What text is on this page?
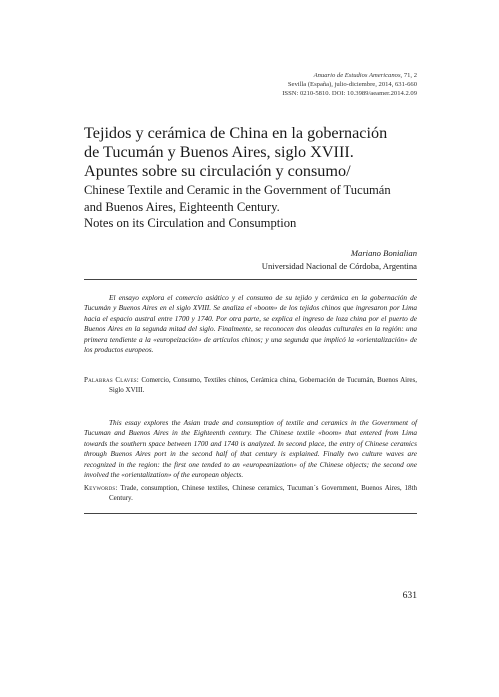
Anuario de Estudios Americanos, 71, 2
Sevilla (España), julio-diciembre, 2014, 631-660
ISSN: 0210-5810. DOI: 10.3989/aeamer.2014.2.09
Tejidos y cerámica de China en la gobernación
de Tucumán y Buenos Aires, siglo XVIII.
Apuntes sobre su circulación y consumo/
Chinese Textile and Ceramic in the Government of Tucumán
and Buenos Aires, Eighteenth Century.
Notes on its Circulation and Consumption
Mariano Bonialian
Universidad Nacional de Córdoba, Argentina

El ensayo explora el comercio asiático y el consumo de su tejido y cerámica en la gobernación de Tucumán y Buenos Aires en el siglo XVIII. Se analiza el «boom» de los tejidos chinos que ingresaron por Lima hacia el espacio austral entre 1700 y 1740. Por otra parte, se explica el ingreso de loza china por el puerto de Buenos Aires en la segunda mitad del siglo. Finalmente, se reconocen dos oleadas culturales en la región: una primera tendiente a la «europeización» de artículos chinos; y una segunda que implicó la «orientalización» de los productos europeos.

Palabras Claves: Comercio, Consumo, Textiles chinos, Cerámica china, Gobernación de Tucumán, Buenos Aires, Siglo XVIII.

This essay explores the Asian trade and consumption of textile and ceramics in the Government of Tucuman and Buenos Aires in the Eighteenth century. The Chinese textile «boom» that entered from Lima towards the southern space between 1700 and 1740 is analyzed. In second place, the entry of Chinese ceramics through Buenos Aires port in the second half of that century is explained. Finally two culture waves are recognized in the region: the first one tended to an «europeanization» of the Chinese objects; the second one involved the «orientalization» of the european objects.

Keywords: Trade, consumption, Chinese textiles, Chinese ceramics, Tucuman´s Government, Buenos Aires, 18th Century.

631
